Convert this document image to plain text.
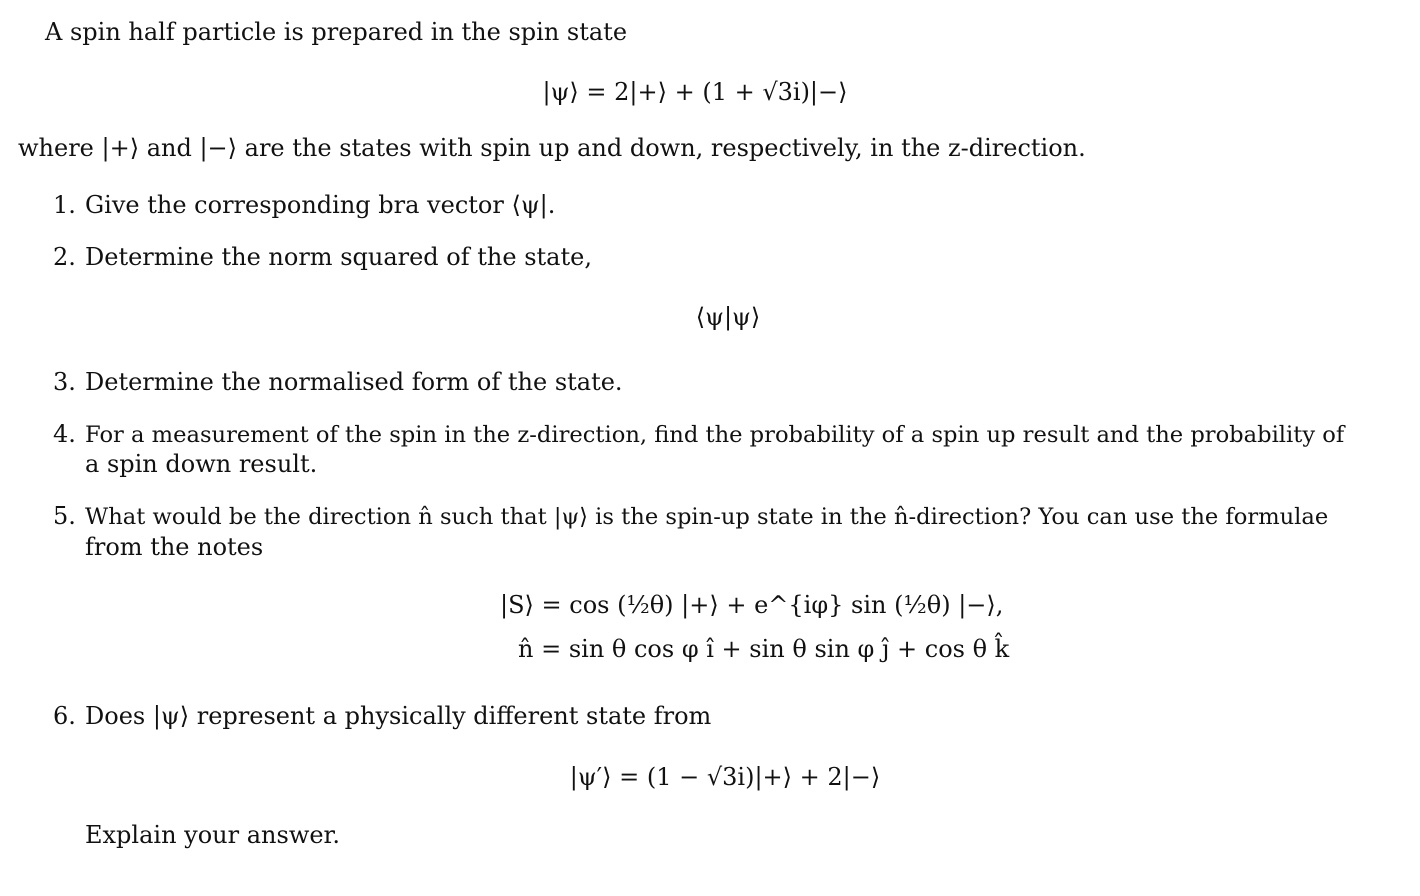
A spin half particle is prepared in the spin state
|ψ⟩ = 2|+⟩ + (1 + √3i)|−⟩
where |+⟩ and |−⟩ are the states with spin up and down, respectively, in the z-direction.
1. Give the corresponding bra vector ⟨ψ|.
2. Determine the norm squared of the state,
⟨ψ|ψ⟩
3. Determine the normalised form of the state.
4. For a measurement of the spin in the z-direction, find the probability of a spin up result and the probability of
a spin down result.
5. What would be the direction n̂ such that |ψ⟩ is the spin-up state in the n̂-direction? You can use the formulae
from the notes
|S⟩ = cos (½θ) |+⟩ + e^{iφ} sin (½θ) |−⟩,
n̂ = sin θ cos φ î + sin θ sin φ ĵ + cos θ k̂
6. Does |ψ⟩ represent a physically different state from
|ψ′⟩ = (1 − √3i)|+⟩ + 2|−⟩
Explain your answer.
